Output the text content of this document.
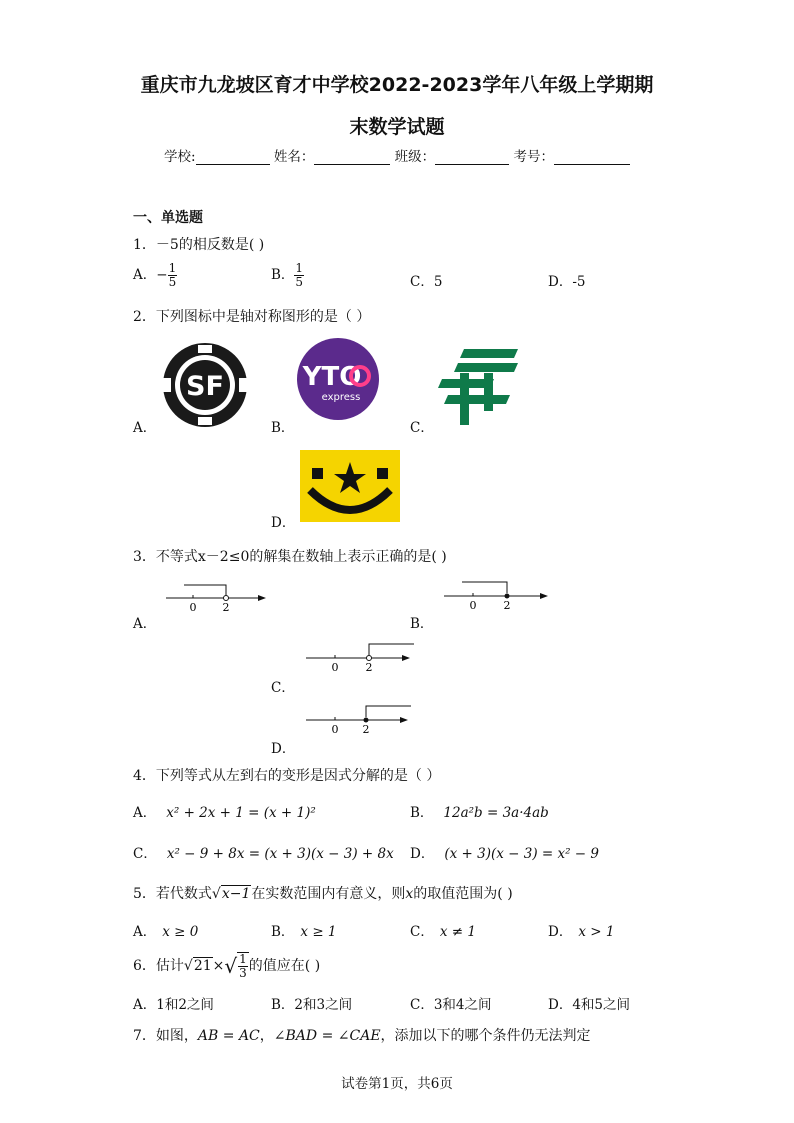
重庆市九龙坡区育才中学校2022-2023学年八年级上学期期
末数学试题
学校:	姓名：	班级：	考号：
一、单选题
1．－5的相反数是( )
A．− $\frac{1}{5}$	B． $\frac{1}{5}$	C．5	D．-5
2．下列图标中是轴对称图形的是（ ）
A．
SF
B．
YTO
express
C．
D．
3．不等式x－2≤0的解集在数轴上表示正确的是( )
A．
0 2
B．
0 2
C．
0 2
D．
0 2
4．下列等式从左到右的变形是因式分解的是（ ）
A． x² + 2x + 1 = (x + 1)²	B． 12a²b = 3a·4ab
C． x² − 9 + 8x = (x + 3)(x − 3) + 8x D． (x + 3)(x − 3) = x² − 9
5．若代数式√x−1在实数范围内有意义，则x的取值范围为( )
A． x ≥ 0	B． x ≥ 1	C． x ≠ 1	D． x > 1
6．估计$√21\times√ \frac{1}{3}$ 的值应在( )
A．1和2之间	B．2和3之间	C．3和4之间	D．4和5之间
7．如图，AB = AC，∠BAD = ∠CAE，添加以下的哪个条件仍无法判定
试卷第1页，共6页
